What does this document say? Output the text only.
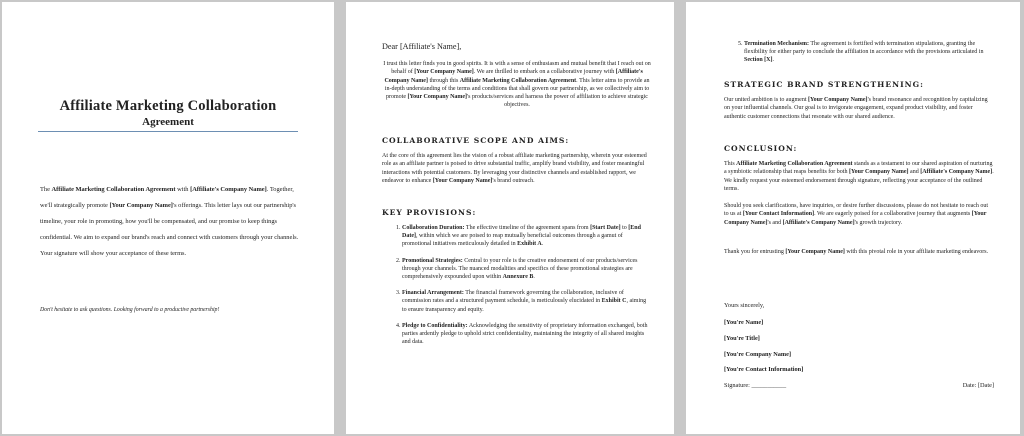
Affiliate Marketing Collaboration
Agreement
The Affiliate Marketing Collaboration Agreement with [Affiliate's Company Name]. Together, we'll strategically promote [Your Company Name]'s offerings. This letter lays out our partnership's timeline, your role in promoting, how you'll be compensated, and our promise to keep things confidential. We aim to expand our brand's reach and connect with customers through your channels. Your signature will show your acceptance of these terms.
Don't hesitate to ask questions. Looking forward to a productive partnership!
Dear [Affiliate's Name],
I trust this letter finds you in good spirits. It is with a sense of enthusiasm and mutual benefit that I reach out on behalf of [Your Company Name]. We are thrilled to embark on a collaborative journey with [Affiliate's Company Name] through this Affiliate Marketing Collaboration Agreement. This letter aims to provide an in-depth understanding of the terms and conditions that shall govern our partnership, as we collectively aim to promote [Your Company Name]'s products/services and harness the power of affiliation to achieve strategic objectives.

COLLABORATIVE SCOPE AND AIMS:

At the core of this agreement lies the vision of a robust affiliate marketing partnership, wherein your esteemed role as an affiliate partner is poised to drive substantial traffic, amplify brand visibility, and foster meaningful interactions with potential customers. By leveraging your distinctive channels and established rapport, we endeavor to enhance [Your Company Name]'s brand outreach.

KEY PROVISIONS:

1. Collaboration Duration: The effective timeline of the agreement spans from [Start Date] to [End Date], within which we are poised to reap mutually beneficial outcomes through a gamut of promotional initiatives meticulously detailed in Exhibit A.
2. Promotional Strategies: Central to your role is the creative endorsement of our products/services through your channels. The nuanced modalities and specifics of these promotional strategies are comprehensively expounded upon within Annexure B.
3. Financial Arrangement: The financial framework governing the collaboration, inclusive of commission rates and a structured payment schedule, is meticulously elucidated in Exhibit C, aiming to ensure transparency and equity.
4. Pledge to Confidentiality: Acknowledging the sensitivity of proprietary information exchanged, both parties ardently pledge to uphold strict confidentiality, maintaining the integrity of all shared insights and data.
5. Termination Mechanism: The agreement is fortified with termination stipulations, granting the flexibility for either party to conclude the affiliation in accordance with the provisions articulated in Section [X].

STRATEGIC BRAND STRENGTHENING:

Our united ambition is to augment [Your Company Name]'s brand resonance and recognition by capitalizing on your influential channels. Our goal is to invigorate engagement, expand product visibility, and foster authentic customer connections that resonate with our shared audience.

CONCLUSION:

This Affiliate Marketing Collaboration Agreement stands as a testament to our shared aspiration of nurturing a symbiotic relationship that reaps benefits for both [Your Company Name] and [Affiliate's Company Name]. We kindly request your esteemed endorsement through signature, reflecting your acceptance of the outlined terms.
Should you seek clarifications, have inquiries, or desire further discussions, please do not hesitate to reach out to us at [Your Contact Information]. We are eagerly poised for a collaborative journey that augments [Your Company Name]'s and [Affiliate's Company Name]'s growth trajectory.
Thank you for entrusting [Your Company Name] with this pivotal role in your affiliate marketing endeavors.
Yours sincerely,
[You're Name]
[You're Title]
[You're Company Name]
[You're Contact Information]
Signature: ___________	Date: [Date]
